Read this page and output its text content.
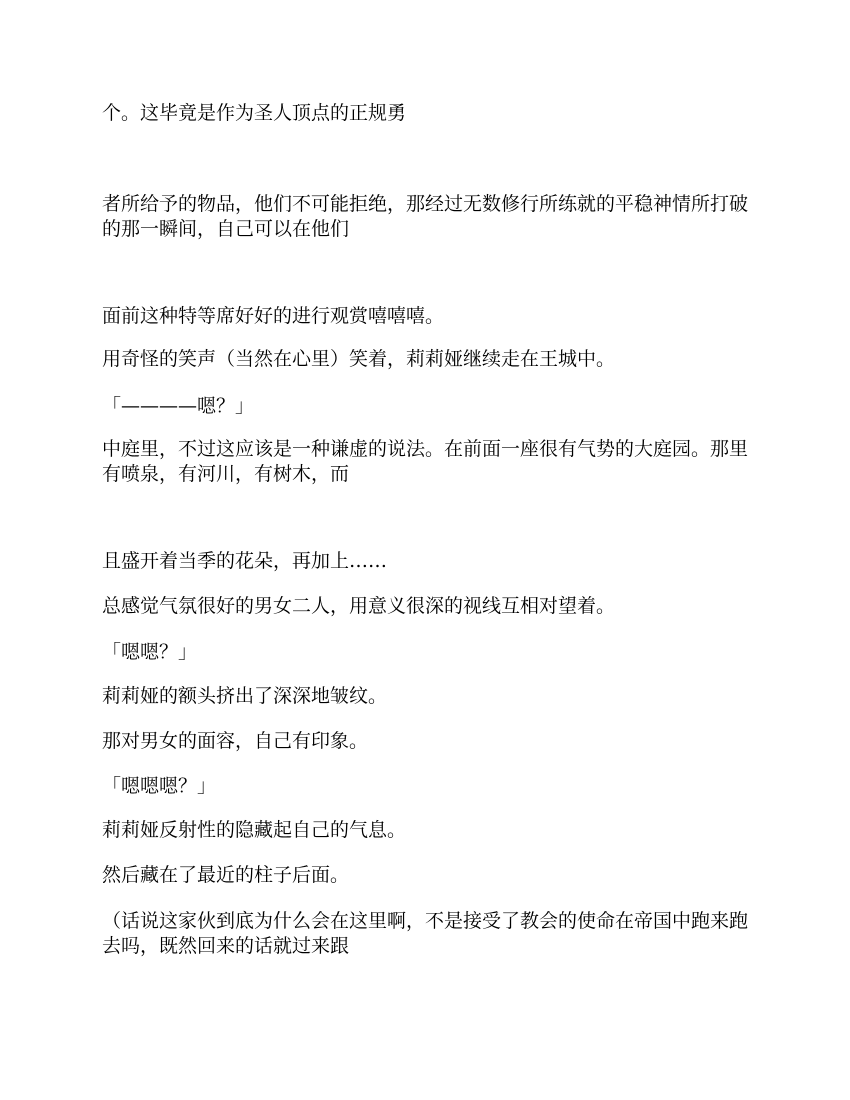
个。这毕竟是作为圣人顶点的正规勇

者所给予的物品，他们不可能拒绝，那经过无数修行所练就的平稳神情所打破的那一瞬间，自己可以在他们

面前这种特等席好好的进行观赏嘻嘻嘻。

用奇怪的笑声（当然在心里）笑着，莉莉娅继续走在王城中。

「————嗯？」

中庭里，不过这应该是一种谦虚的说法。在前面一座很有气势的大庭园。那里有喷泉，有河川，有树木，而

且盛开着当季的花朵，再加上……

总感觉气氛很好的男女二人，用意义很深的视线互相对望着。

「嗯嗯？」

莉莉娅的额头挤出了深深地皱纹。

那对男女的面容，自己有印象。

「嗯嗯嗯？」

莉莉娅反射性的隐藏起自己的气息。

然后藏在了最近的柱子后面。

（话说这家伙到底为什么会在这里啊，不是接受了教会的使命在帝国中跑来跑去吗，既然回来的话就过来跟
